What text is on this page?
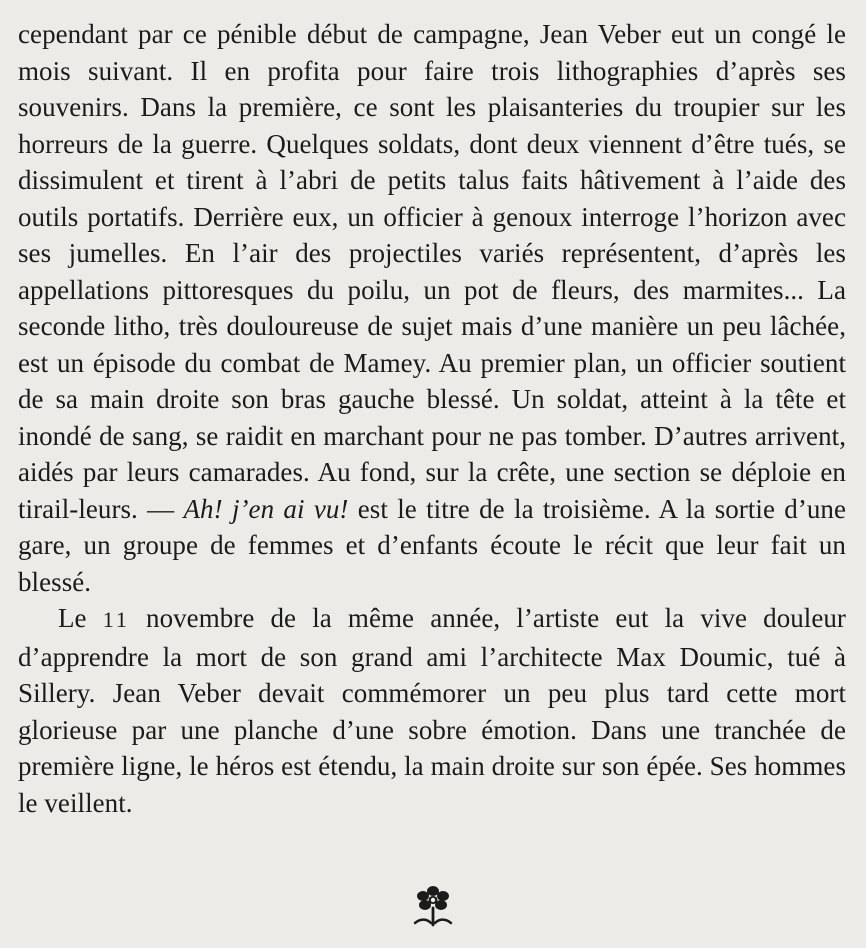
cependant par ce pénible début de campagne, Jean Veber eut un congé le mois suivant. Il en profita pour faire trois lithographies d’après ses souvenirs. Dans la première, ce sont les plaisanteries du troupier sur les horreurs de la guerre. Quelques soldats, dont deux viennent d’être tués, se dissimulent et tirent à l’abri de petits talus faits hâtivement à l’aide des outils portatifs. Derrière eux, un officier à genoux interroge l’horizon avec ses jumelles. En l’air des projectiles variés représentent, d’après les appellations pittoresques du poilu, un pot de fleurs, des marmites... La seconde litho, très douloureuse de sujet mais d’une manière un peu lâchée, est un épisode du combat de Mamey. Au premier plan, un officier soutient de sa main droite son bras gauche blessé. Un soldat, atteint à la tête et inondé de sang, se raidit en marchant pour ne pas tomber. D’autres arrivent, aidés par leurs camarades. Au fond, sur la crête, une section se déploie en tirail-leurs. — Ah! j’en ai vu! est le titre de la troisième. A la sortie d’une gare, un groupe de femmes et d’enfants écoute le récit que leur fait un blessé.

Le 11 novembre de la même année, l’artiste eut la vive douleur d’apprendre la mort de son grand ami l’architecte Max Doumic, tué à Sillery. Jean Veber devait commémorer un peu plus tard cette mort glorieuse par une planche d’une sobre émotion. Dans une tranchée de première ligne, le héros est étendu, la main droite sur son épée. Ses hommes le veillent.
